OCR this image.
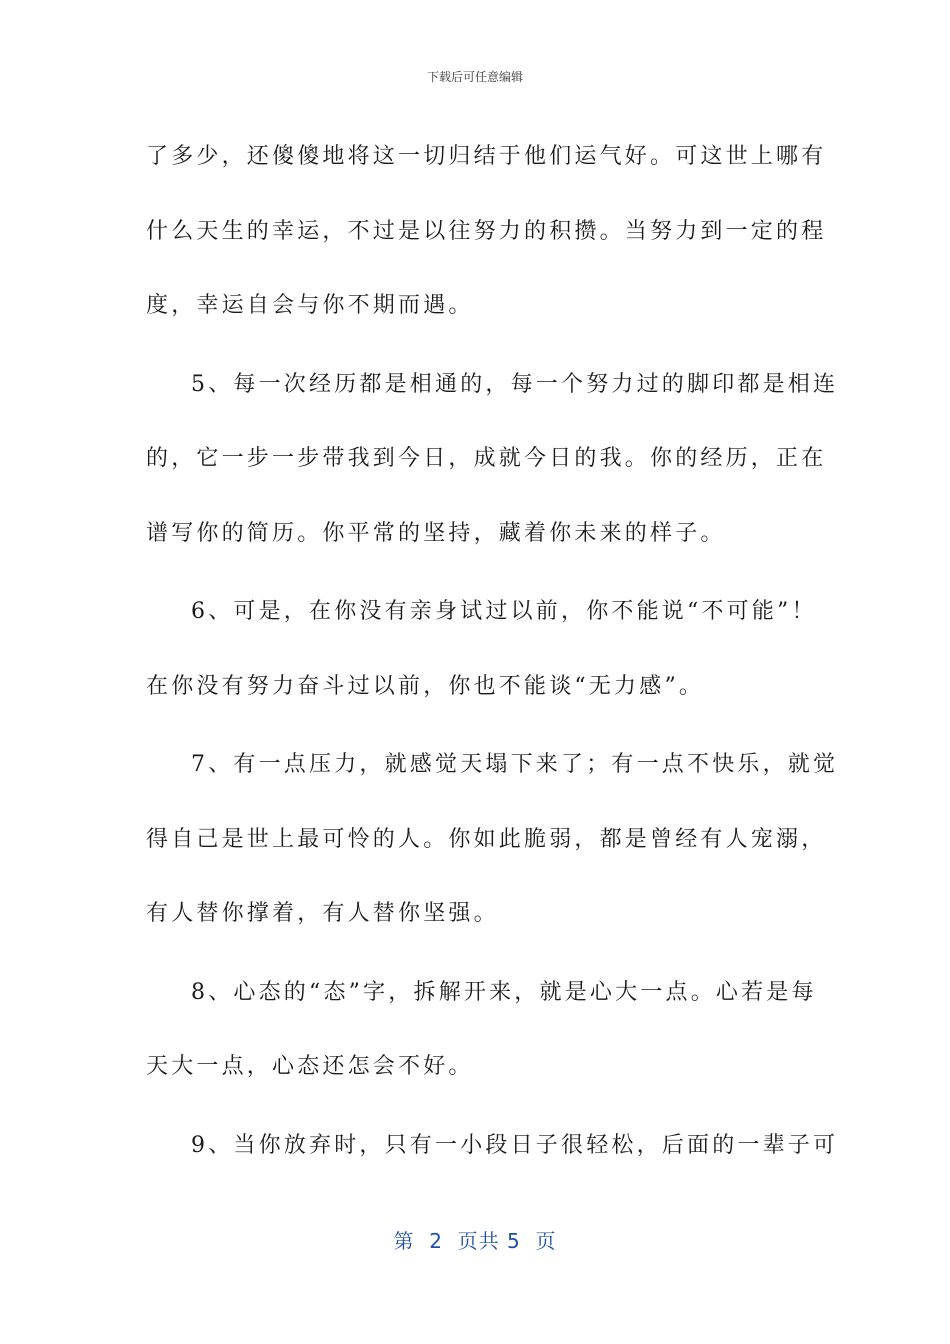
下载后可任意编辑

了多少，还傻傻地将这一切归结于他们运气好。可这世上哪有
什么天生的幸运，不过是以往努力的积攒。当努力到一定的程
度，幸运自会与你不期而遇。

5、每一次经历都是相通的，每一个努力过的脚印都是相连
的，它一步一步带我到今日，成就今日的我。你的经历，正在
谱写你的简历。你平常的坚持，藏着你未来的样子。

6、可是，在你没有亲身试过以前，你不能说“不可能”！
在你没有努力奋斗过以前，你也不能谈“无力感”。

7、有一点压力，就感觉天塌下来了；有一点不快乐，就觉
得自己是世上最可怜的人。你如此脆弱，都是曾经有人宠溺，
有人替你撑着，有人替你坚强。

8、心态的“态”字，拆解开来，就是心大一点。心若是每
天大一点，心态还怎会不好。

9、当你放弃时，只有一小段日子很轻松，后面的一辈子可

第  2  页共 5  页
